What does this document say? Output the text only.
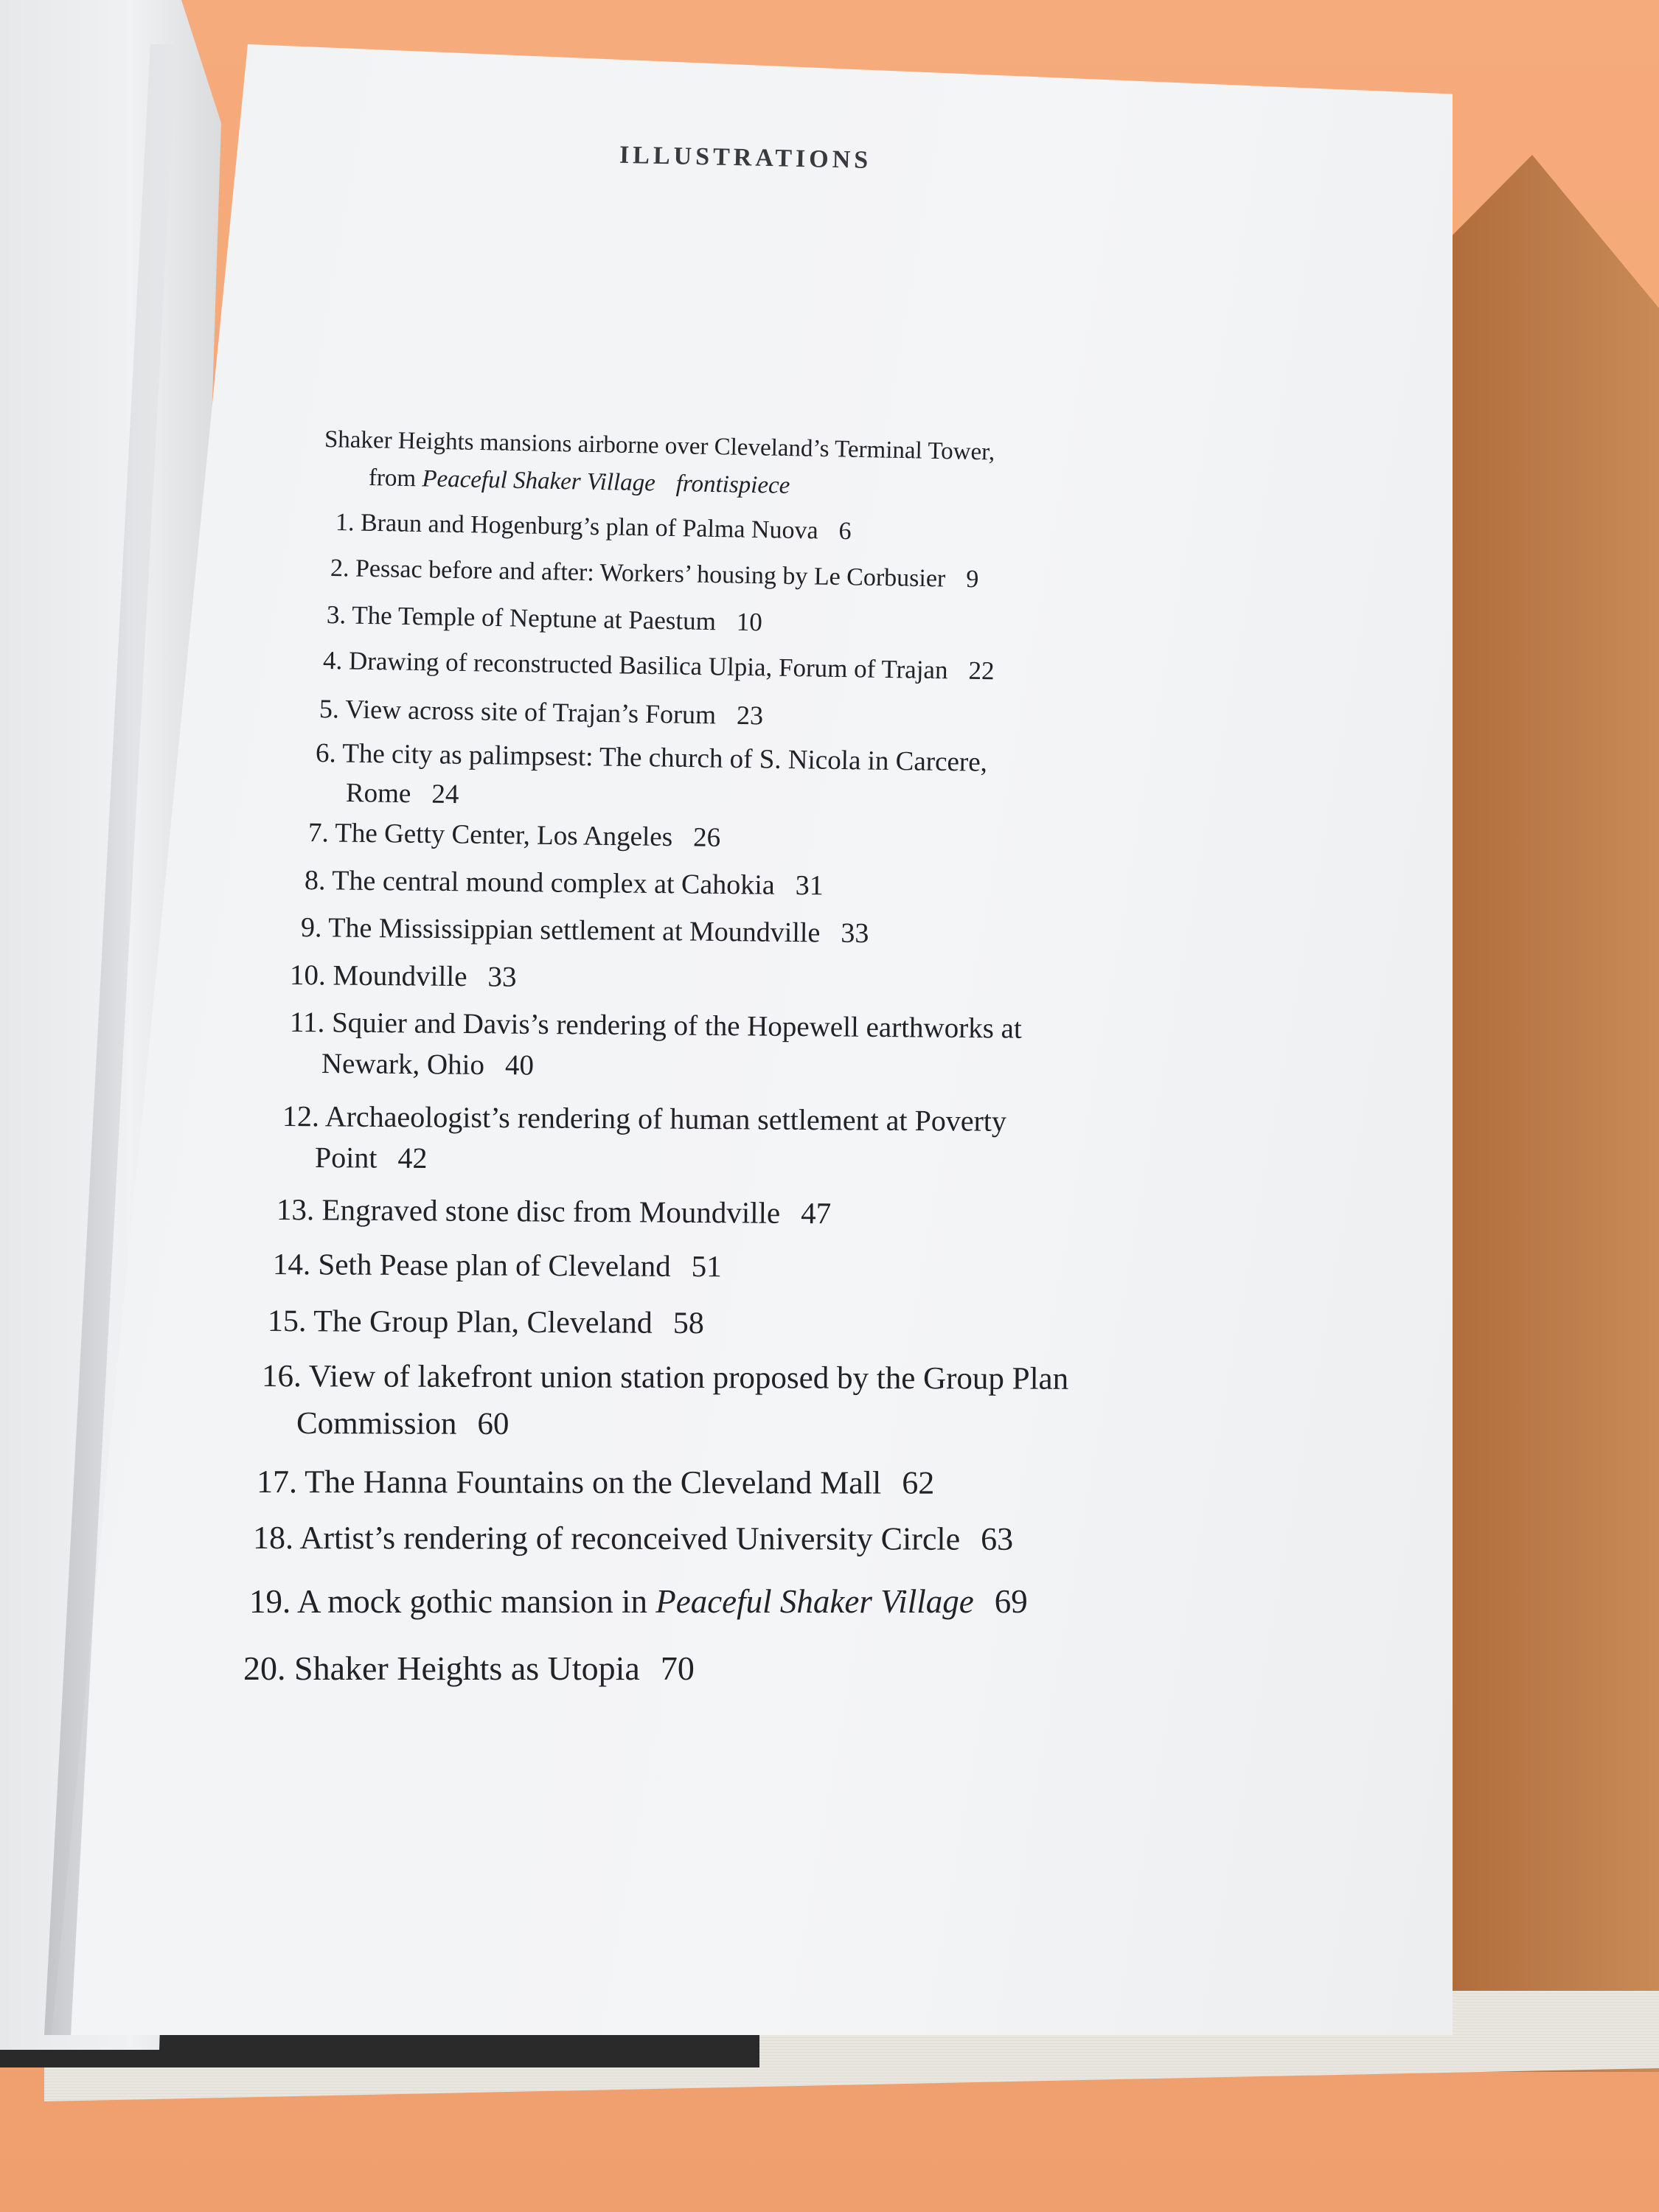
ILLUSTRATIONS
Shaker Heights mansions airborne over Cleveland’s Terminal Tower,
from Peaceful Shaker Village frontispiece
1. Braun and Hogenburg’s plan of Palma Nuova 6
2. Pessac before and after: Workers’ housing by Le Corbusier 9
3. The Temple of Neptune at Paestum 10
4. Drawing of reconstructed Basilica Ulpia, Forum of Trajan 22
5. View across site of Trajan’s Forum 23
6. The city as palimpsest: The church of S. Nicola in Carcere,
Rome 24
7. The Getty Center, Los Angeles 26
8. The central mound complex at Cahokia 31
9. The Mississippian settlement at Moundville 33
10. Moundville 33
11. Squier and Davis’s rendering of the Hopewell earthworks at
Newark, Ohio 40
12. Archaeologist’s rendering of human settlement at Poverty
Point 42
13. Engraved stone disc from Moundville 47
14. Seth Pease plan of Cleveland 51
15. The Group Plan, Cleveland 58
16. View of lakefront union station proposed by the Group Plan
Commission 60
17. The Hanna Fountains on the Cleveland Mall 62
18. Artist’s rendering of reconceived University Circle 63
19. A mock gothic mansion in Peaceful Shaker Village 69
20. Shaker Heights as Utopia 70
